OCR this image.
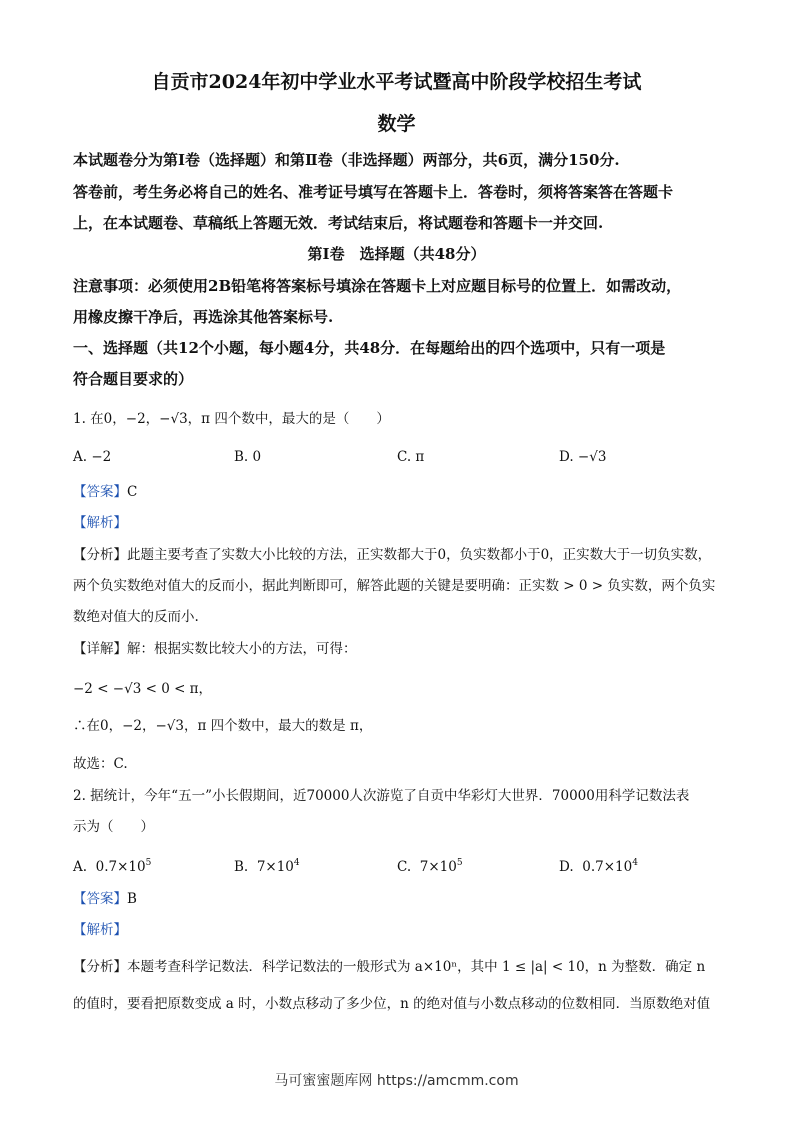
自贡市2024年初中学业水平考试暨高中阶段学校招生考试
数学
本试题卷分为第Ⅰ卷（选择题）和第Ⅱ卷（非选择题）两部分，共6页，满分150分.
答卷前，考生务必将自己的姓名、准考证号填写在答题卡上．答卷时，须将答案答在答题卡
上，在本试题卷、草稿纸上答题无效．考试结束后，将试题卷和答题卡一并交回.
第Ⅰ卷　选择题（共48分）
注意事项：必须使用2B铅笔将答案标号填涂在答题卡上对应题目标号的位置上．如需改动，
用橡皮擦干净后，再选涂其他答案标号.
一、选择题（共12个小题，每小题4分，共48分．在每题给出的四个选项中，只有一项是
符合题目要求的）
1. 在0，−2，−√3，π 四个数中，最大的是（　　）
A. −2	B. 0	C. π	D. −√3
【答案】C
【解析】
【分析】此题主要考查了实数大小比较的方法，正实数都大于0，负实数都小于0，正实数大于一切负实数，
两个负实数绝对值大的反而小，据此判断即可，解答此题的关键是要明确：正实数 > 0 > 负实数，两个负实
数绝对值大的反而小.
【详解】解：根据实数比较大小的方法，可得：
−2 < −√3 < 0 < π，
∴在0，−2，−√3，π 四个数中，最大的数是 π，
故选：C.
2. 据统计，今年“五一”小长假期间，近70000人次游览了自贡中华彩灯大世界．70000用科学记数法表
示为（　　）
A. $0.7\times 10^5$	B. $7\times 10^4$	C. $7\times 10^5$	D. $0.7\times 10^4$
【答案】B
【解析】
【分析】本题考查科学记数法．科学记数法的一般形式为 a×10ⁿ，其中 1 ≤ |a| < 10，n 为整数．确定 n
的值时，要看把原数变成 a 时，小数点移动了多少位，n 的绝对值与小数点移动的位数相同．当原数绝对值
马可蜜蜜题库网 https://amcmm.com
